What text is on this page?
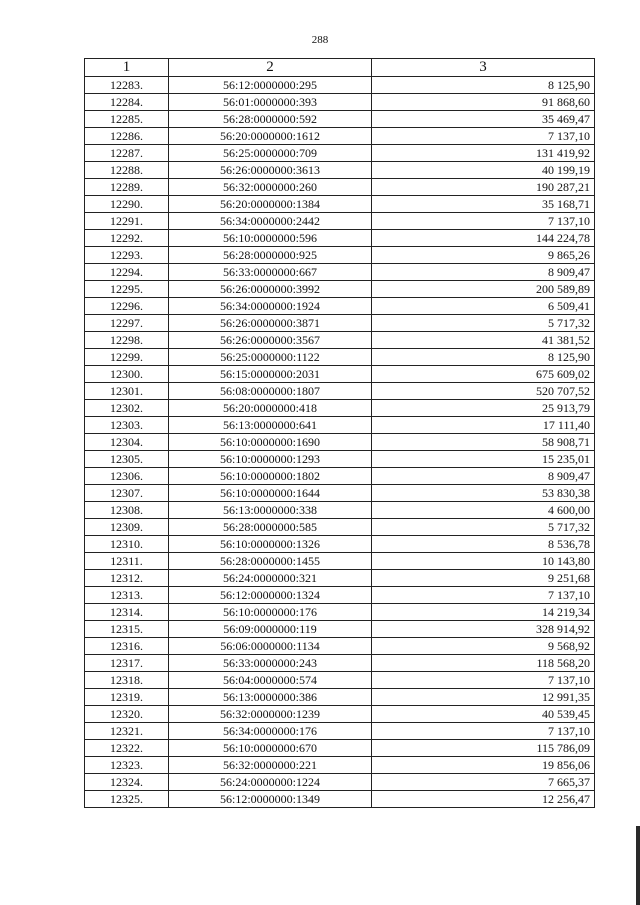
288
1	2	3
12283.	56:12:0000000:295	8 125,90
12284.	56:01:0000000:393	91 868,60
12285.	56:28:0000000:592	35 469,47
12286.	56:20:0000000:1612	7 137,10
12287.	56:25:0000000:709	131 419,92
12288.	56:26:0000000:3613	40 199,19
12289.	56:32:0000000:260	190 287,21
12290.	56:20:0000000:1384	35 168,71
12291.	56:34:0000000:2442	7 137,10
12292.	56:10:0000000:596	144 224,78
12293.	56:28:0000000:925	9 865,26
12294.	56:33:0000000:667	8 909,47
12295.	56:26:0000000:3992	200 589,89
12296.	56:34:0000000:1924	6 509,41
12297.	56:26:0000000:3871	5 717,32
12298.	56:26:0000000:3567	41 381,52
12299.	56:25:0000000:1122	8 125,90
12300.	56:15:0000000:2031	675 609,02
12301.	56:08:0000000:1807	520 707,52
12302.	56:20:0000000:418	25 913,79
12303.	56:13:0000000:641	17 111,40
12304.	56:10:0000000:1690	58 908,71
12305.	56:10:0000000:1293	15 235,01
12306.	56:10:0000000:1802	8 909,47
12307.	56:10:0000000:1644	53 830,38
12308.	56:13:0000000:338	4 600,00
12309.	56:28:0000000:585	5 717,32
12310.	56:10:0000000:1326	8 536,78
12311.	56:28:0000000:1455	10 143,80
12312.	56:24:0000000:321	9 251,68
12313.	56:12:0000000:1324	7 137,10
12314.	56:10:0000000:176	14 219,34
12315.	56:09:0000000:119	328 914,92
12316.	56:06:0000000:1134	9 568,92
12317.	56:33:0000000:243	118 568,20
12318.	56:04:0000000:574	7 137,10
12319.	56:13:0000000:386	12 991,35
12320.	56:32:0000000:1239	40 539,45
12321.	56:34:0000000:176	7 137,10
12322.	56:10:0000000:670	115 786,09
12323.	56:32:0000000:221	19 856,06
12324.	56:24:0000000:1224	7 665,37
12325.	56:12:0000000:1349	12 256,47
